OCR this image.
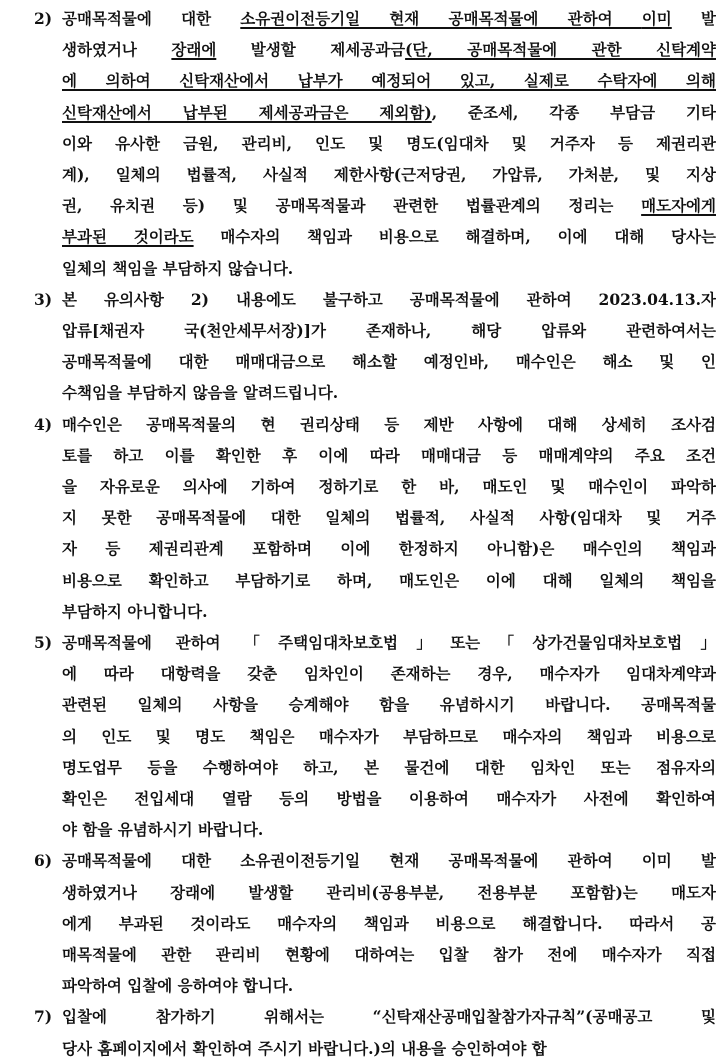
2) 공매목적물에 대한 소유권이전등기일 현재 공매목적물에 관하여 이미 발
생하였거나 장래에 발생할 제세공과금(단, 공매목적물에 관한 신탁계약
에 의하여 신탁재산에서 납부가 예정되어 있고, 실제로 수탁자에 의해
신탁재산에서 납부된 제세공과금은 제외함), 준조세, 각종 부담금 기타
이와 유사한 금원, 관리비, 인도 및 명도(임대차 및 거주자 등 제권리관
계), 일체의 법률적, 사실적 제한사항(근저당권, 가압류, 가처분, 및 지상
권, 유치권 등) 및 공매목적물과 관련한 법률관계의 정리는 매도자에게
부과된 것이라도 매수자의 책임과 비용으로 해결하며, 이에 대해 당사는
일체의 책임을 부담하지 않습니다.
3) 본 유의사항 2) 내용에도 불구하고 공매목적물에 관하여 2023.04.13.자
압류[채권자 국(천안세무서장)]가 존재하나, 해당 압류와 관련하여서는
공매목적물에 대한 매매대금으로 해소할 예정인바, 매수인은 해소 및 인
수책임을 부담하지 않음을 알려드립니다.
4) 매수인은 공매목적물의 현 권리상태 등 제반 사항에 대해 상세히 조사검
토를 하고 이를 확인한 후 이에 따라 매매대금 등 매매계약의 주요 조건
을 자유로운 의사에 기하여 정하기로 한 바, 매도인 및 매수인이 파악하
지 못한 공매목적물에 대한 일체의 법률적, 사실적 사항(임대차 및 거주
자 등 제권리관계 포함하며 이에 한정하지 아니함)은 매수인의 책임과
비용으로 확인하고 부담하기로 하며, 매도인은 이에 대해 일체의 책임을
부담하지 아니합니다.
5) 공매목적물에 관하여 「주택임대차보호법」또는「상가건물임대차보호법」
에 따라 대항력을 갖춘 임차인이 존재하는 경우, 매수자가 임대차계약과
관련된 일체의 사항을 승계해야 함을 유념하시기 바랍니다. 공매목적물
의 인도 및 명도 책임은 매수자가 부담하므로 매수자의 책임과 비용으로
명도업무 등을 수행하여야 하고, 본 물건에 대한 임차인 또는 점유자의
확인은 전입세대 열람 등의 방법을 이용하여 매수자가 사전에 확인하여
야 함을 유념하시기 바랍니다.
6) 공매목적물에 대한 소유권이전등기일 현재 공매목적물에 관하여 이미 발
생하였거나 장래에 발생할 관리비(공용부분, 전용부분 포함함)는 매도자
에게 부과된 것이라도 매수자의 책임과 비용으로 해결합니다. 따라서 공
매목적물에 관한 관리비 현황에 대하여는 입찰 참가 전에 매수자가 직접
파악하여 입찰에 응하여야 합니다.
7) 입찰에 참가하기 위해서는 “신탁재산공매입찰참가자규칙”(공매공고 및
당사 홈페이지에서 확인하여 주시기 바랍니다.)의 내용을 승인하여야 합
